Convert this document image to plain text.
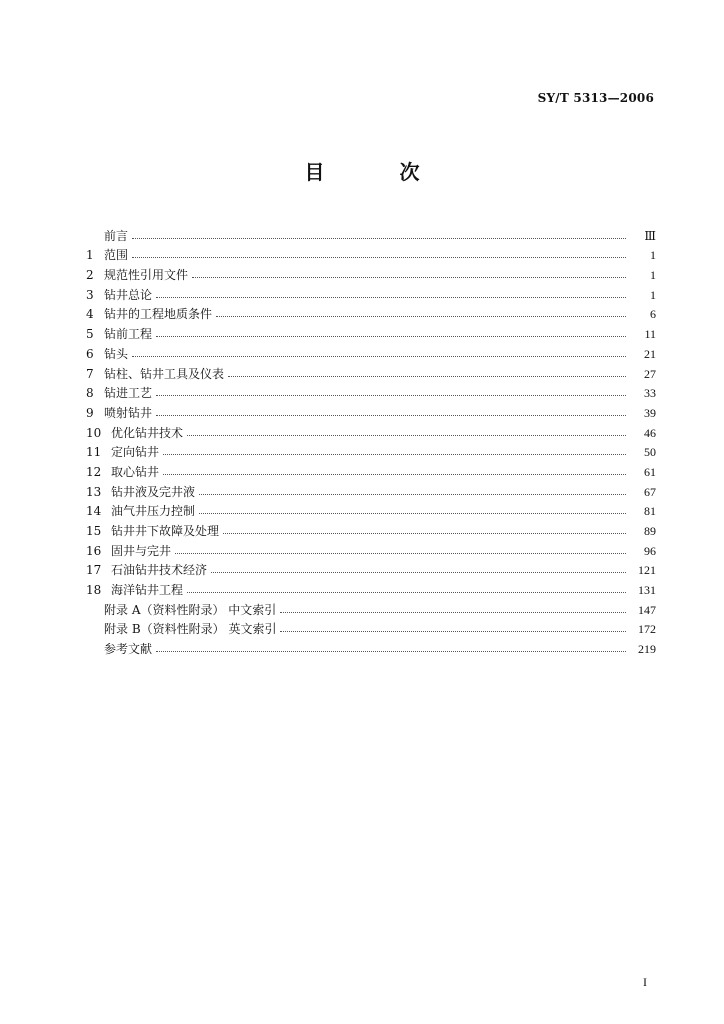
SY/T 5313—2006
目 次
前言	Ⅲ
1 范围	1
2 规范性引用文件	1
3 钻井总论	1
4 钻井的工程地质条件	6
5 钻前工程	11
6 钻头	21
7 钻柱、钻井工具及仪表	27
8 钻进工艺	33
9 喷射钻井	39
10 优化钻井技术	46
11 定向钻井	50
12 取心钻井	61
13 钻井液及完井液	67
14 油气井压力控制	81
15 钻井井下故障及处理	89
16 固井与完井	96
17 石油钻井技术经济	121
18 海洋钻井工程	131
附录 A（资料性附录） 中文索引	147
附录 B（资料性附录） 英文索引	172
参考文献	219
I
